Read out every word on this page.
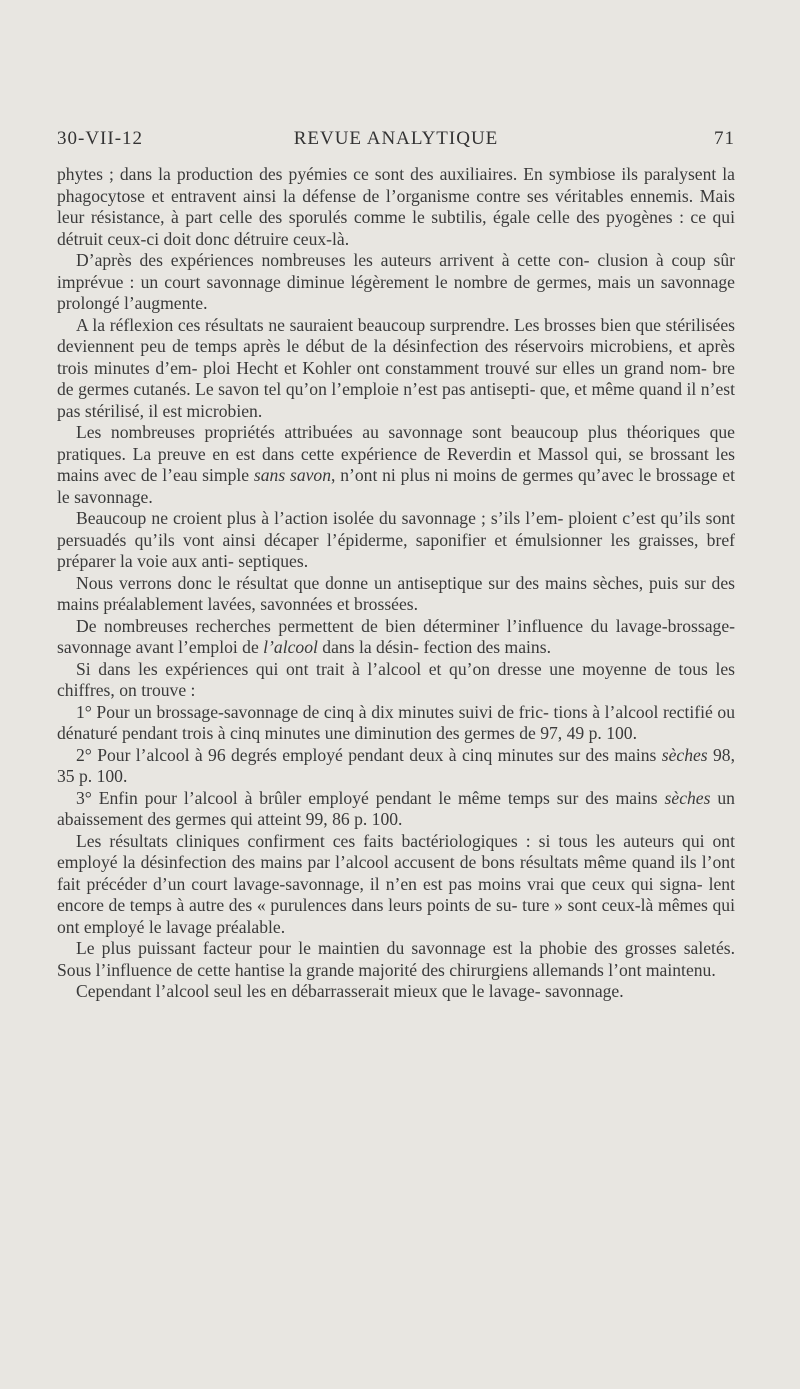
30-VII-12	REVUE ANALYTIQUE	71

phytes ; dans la production des pyémies ce sont des auxiliaires. En symbiose ils paralysent la phagocytose et entravent ainsi la défense de l’organisme contre ses véritables ennemis. Mais leur résistance, à part celle des sporulés comme le subtilis, égale celle des pyogènes : ce qui détruit ceux-ci doit donc détruire ceux-là.

D’après des expériences nombreuses les auteurs arrivent à cette con- clusion à coup sûr imprévue : un court savonnage diminue légèrement le nombre de germes, mais un savonnage prolongé l’augmente.

A la réflexion ces résultats ne sauraient beaucoup surprendre. Les brosses bien que stérilisées deviennent peu de temps après le début de la désinfection des réservoirs microbiens, et après trois minutes d’em- ploi Hecht et Kohler ont constamment trouvé sur elles un grand nom- bre de germes cutanés. Le savon tel qu’on l’emploie n’est pas antisepti- que, et même quand il n’est pas stérilisé, il est microbien.

Les nombreuses propriétés attribuées au savonnage sont beaucoup plus théoriques que pratiques. La preuve en est dans cette expérience de Reverdin et Massol qui, se brossant les mains avec de l’eau simple sans savon, n’ont ni plus ni moins de germes qu’avec le brossage et le savonnage.

Beaucoup ne croient plus à l’action isolée du savonnage ; s’ils l’em- ploient c’est qu’ils sont persuadés qu’ils vont ainsi décaper l’épiderme, saponifier et émulsionner les graisses, bref préparer la voie aux anti- septiques.

Nous verrons donc le résultat que donne un antiseptique sur des mains sèches, puis sur des mains préalablement lavées, savonnées et brossées.

De nombreuses recherches permettent de bien déterminer l’influence du lavage-brossage-savonnage avant l’emploi de l’alcool dans la désin- fection des mains.

Si dans les expériences qui ont trait à l’alcool et qu’on dresse une moyenne de tous les chiffres, on trouve :

1° Pour un brossage-savonnage de cinq à dix minutes suivi de fric- tions à l’alcool rectifié ou dénaturé pendant trois à cinq minutes une diminution des germes de 97, 49 p. 100.

2° Pour l’alcool à 96 degrés employé pendant deux à cinq minutes sur des mains sèches 98, 35 p. 100.

3° Enfin pour l’alcool à brûler employé pendant le même temps sur des mains sèches un abaissement des germes qui atteint 99, 86 p. 100.

Les résultats cliniques confirment ces faits bactériologiques : si tous les auteurs qui ont employé la désinfection des mains par l’alcool accusent de bons résultats même quand ils l’ont fait précéder d’un court lavage-savonnage, il n’en est pas moins vrai que ceux qui signa- lent encore de temps à autre des « purulences dans leurs points de su- ture » sont ceux-là mêmes qui ont employé le lavage préalable.

Le plus puissant facteur pour le maintien du savonnage est la phobie des grosses saletés. Sous l’influence de cette hantise la grande majorité des chirurgiens allemands l’ont maintenu.

Cependant l’alcool seul les en débarrasserait mieux que le lavage- savonnage.
